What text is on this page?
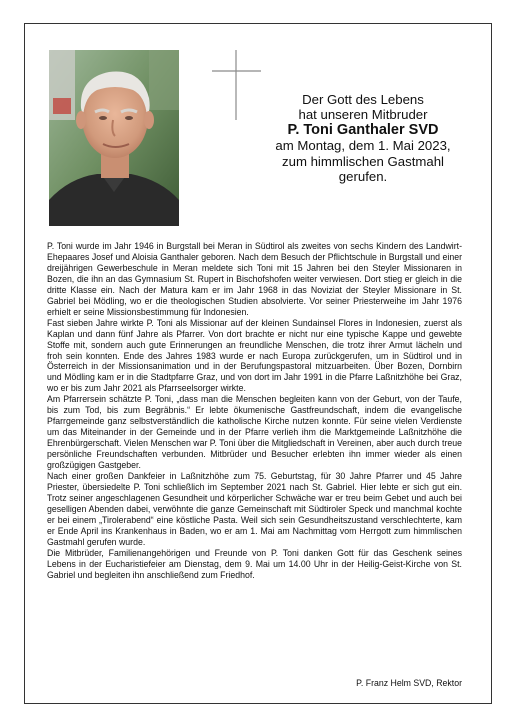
Der Gott des Lebens
hat unseren Mitbruder
P. Toni Ganthaler SVD
am Montag, dem 1. Mai 2023,
zum himmlischen Gastmahl
gerufen.

P. Toni wurde im Jahr 1946 in Burgstall bei Meran in Südtirol als zweites von sechs Kindern des Landwirt-Ehepaares Josef und Aloisia Ganthaler geboren. Nach dem Besuch der Pflichtschule in Burgstall und einer dreijährigen Gewerbeschule in Meran meldete sich Toni mit 15 Jahren bei den Steyler Missionaren in Bozen, die ihn an das Gymnasium St. Rupert in Bischofshofen weiter verwiesen. Dort stieg er gleich in die dritte Klasse ein. Nach der Matura kam er im Jahr 1968 in das Noviziat der Steyler Missionare in St. Gabriel bei Mödling, wo er die theologischen Studien absolvierte. Vor seiner Priesterweihe im Jahr 1976 erhielt er seine Missionsbestimmung für Indonesien.

Fast sieben Jahre wirkte P. Toni als Missionar auf der kleinen Sundainsel Flores in Indonesien, zuerst als Kaplan und dann fünf Jahre als Pfarrer. Von dort brachte er nicht nur eine typische Kappe und gewebte Stoffe mit, sondern auch gute Erinnerungen an freundliche Menschen, die trotz ihrer Armut lächeln und froh sein konnten. Ende des Jahres 1983 wurde er nach Europa zurückgerufen, um in Südtirol und in Österreich in der Missionsanimation und in der Berufungspastoral mitzuarbeiten. Über Bozen, Dornbirn und Mödling kam er in die Stadtpfarre Graz, und von dort im Jahr 1991 in die Pfarre Laßnitzhöhe bei Graz, wo er bis zum Jahr 2021 als Pfarrseelsorger wirkte.

Am Pfarrersein schätzte P. Toni, „dass man die Menschen begleiten kann von der Geburt, von der Taufe, bis zum Tod, bis zum Begräbnis.“ Er lebte ökumenische Gastfreundschaft, indem die evangelische Pfarrgemeinde ganz selbstverständlich die katholische Kirche nutzen konnte. Für seine vielen Verdienste um das Miteinander in der Gemeinde und in der Pfarre verlieh ihm die Marktgemeinde Laßnitzhöhe die Ehrenbürgerschaft. Vielen Menschen war P. Toni über die Mitgliedschaft in Vereinen, aber auch durch treue persönliche Freundschaften verbunden. Mitbrüder und Besucher erlebten ihn immer wieder als einen großzügigen Gastgeber.

Nach einer großen Dankfeier in Laßnitzhöhe zum 75. Geburtstag, für 30 Jahre Pfarrer und 45 Jahre Priester, übersiedelte P. Toni schließlich im September 2021 nach St. Gabriel. Hier lebte er sich gut ein. Trotz seiner angeschlagenen Gesundheit und körperlicher Schwäche war er treu beim Gebet und auch bei geselligen Abenden dabei, verwöhnte die ganze Gemeinschaft mit Südtiroler Speck und manchmal kochte er bei einem „Tirolerabend“ eine köstliche Pasta. Weil sich sein Gesundheitszustand verschlechterte, kam er Ende April ins Krankenhaus in Baden, wo er am 1. Mai am Nachmittag vom Herrgott zum himmlischen Gastmahl gerufen wurde.

Die Mitbrüder, Familienangehörigen und Freunde von P. Toni danken Gott für das Geschenk seines Lebens in der Eucharistiefeier am Dienstag, dem 9. Mai um 14.00 Uhr in der Heilig-Geist-Kirche von St. Gabriel und begleiten ihn anschließend zum Friedhof.

P. Franz Helm SVD, Rektor
